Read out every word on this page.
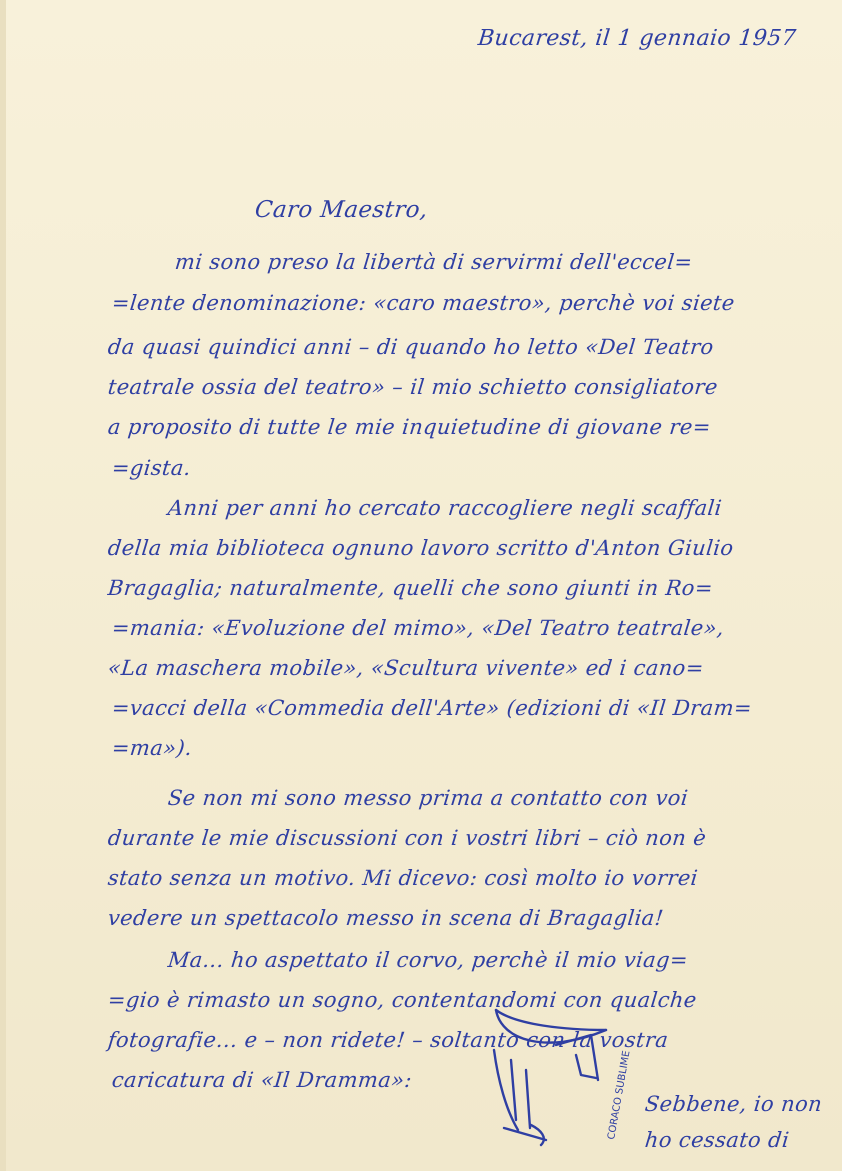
Bucarest, il 1 gennaio 1957
Caro Maestro,
mi sono preso la libertà di servirmi dell'eccel=
=lente denominazione: «caro maestro», perchè voi siete
da quasi quindici anni – di quando ho letto «Del Teatro
teatrale ossia del teatro» – il mio schietto consigliatore
a proposito di tutte le mie inquietudine di giovane re=
=gista.
Anni per anni ho cercato raccogliere negli scaffali
della mia biblioteca ognuno lavoro scritto d'Anton Giulio
Bragaglia; naturalmente, quelli che sono giunti in Ro=
=mania: «Evoluzione del mimo», «Del Teatro teatrale»,
«La maschera mobile», «Scultura vivente» ed i cano=
=vacci della «Commedia dell'Arte» (edizioni di «Il Dram=
=ma»).
Se non mi sono messo prima a contatto con voi
durante le mie discussioni con i vostri libri – ciò non è
stato senza un motivo. Mi dicevo: così molto io vorrei
vedere un spettacolo messo in scena di Bragaglia!
Ma... ho aspettato il corvo, perchè il mio viag=
=gio è rimasto un sogno, contentandomi con qualche
fotografie... e – non ridete! – soltanto con la vostra
caricatura di «Il Dramma»:	CORACO SUBLIME Sebbene, io non
ho cessato di
